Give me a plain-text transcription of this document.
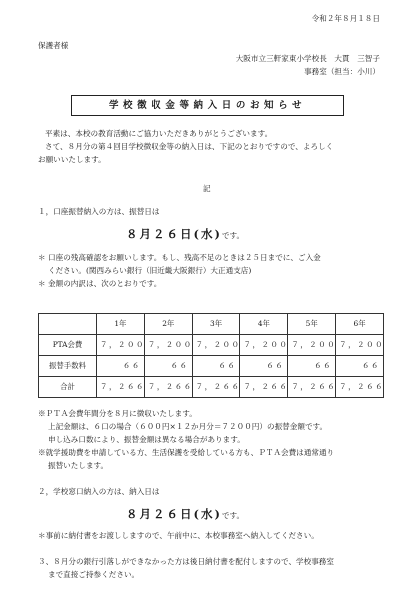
令和２年８月１８日
保護者様
大阪市立三軒家東小学校長　大貫　三智子
事務室（担当：小川）
学校徴収金等納入日のお知らせ
平素は、本校の教育活動にご協力いただきありがとうございます。
さて、８月分の第４回目学校徴収金等の納入日は、下記のとおりですので、よろしく
お願いいたします。
記
１，口座振替納入の方は、振替日は
８月２６日(水)です。
＊ 口座の残高確認をお願いします。もし、残高不足のときは２５日までに、ご入金
ください。(関西みらい銀行（旧近畿大阪銀行）大正通支店)
＊ 金額の内訳は、次のとおりです。
	1年	2年	3年	4年	5年	6年
PTA会費	７，２００	７，２００	７，２００	７，２００	７，２００	７，２００
振替手数料	６６	６６	６６	６６	６６	６６
合計	７，２６６	７，２６６	７，２６６	７，２６６	７，２６６	７，２６６
※ＰＴＡ会費年間分を８月に徴収いたします。
上記金額は、６口の場合（６００円×１２か月分＝７２００円）の振替金額です。
申し込み口数により、振替金額は異なる場合があります。
※就学援助費を申請している方、生活保護を受給している方も、ＰＴＡ会費は通常通り
振替いたします。
２，学校窓口納入の方は、納入日は
８月２６日(水)です。
＊事前に納付書をお渡ししますので、午前中に、本校事務室へ納入してください。
３、８月分の銀行引落しができなかった方は後日納付書を配付しますので、学校事務室
まで直接ご持参ください。
